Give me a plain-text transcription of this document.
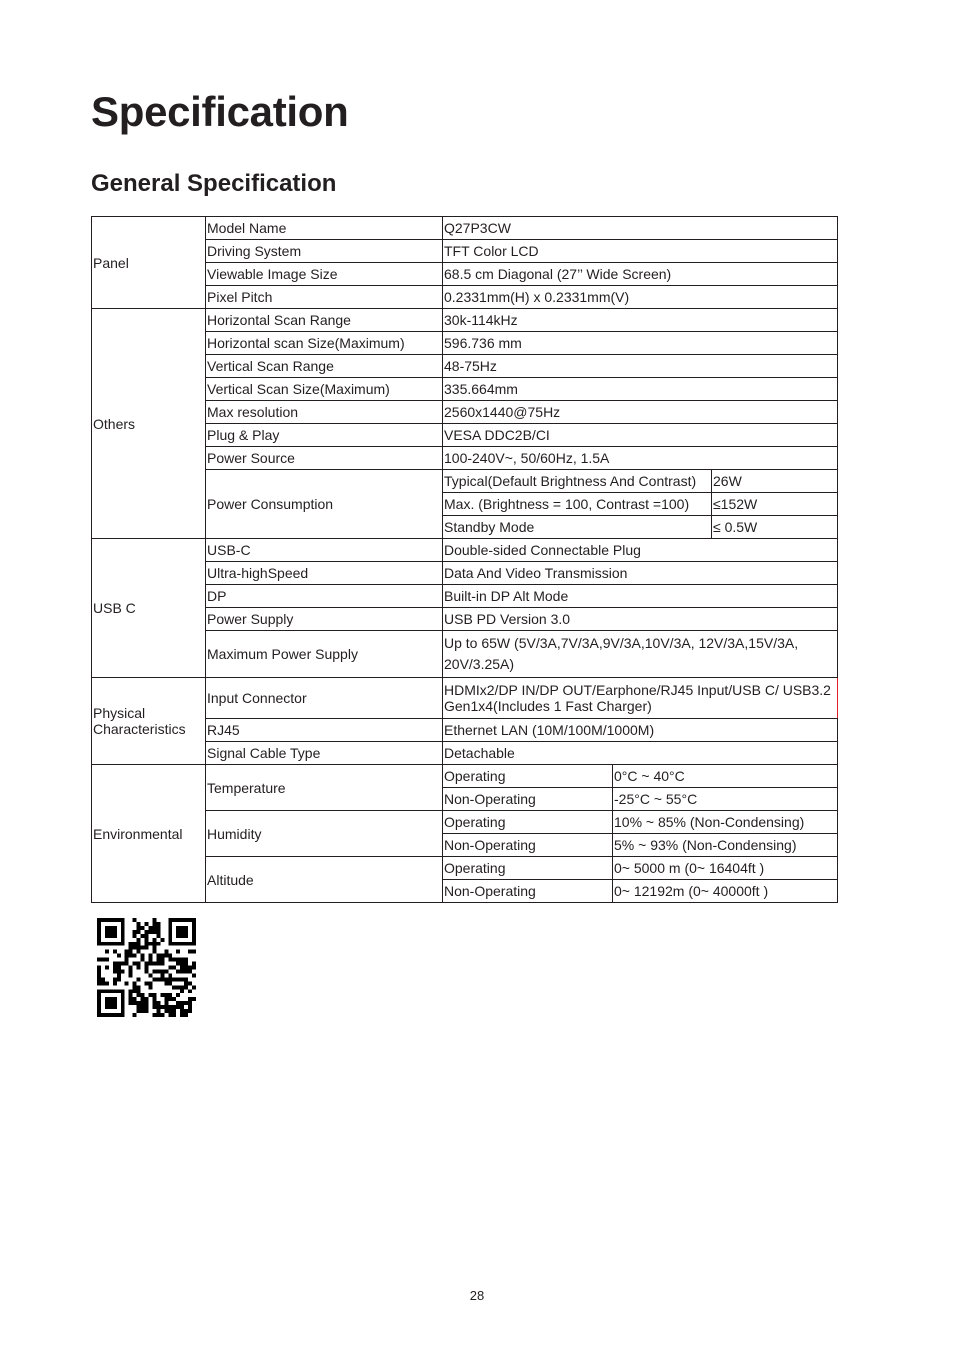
Specification
General Specification
Panel	Model Name	Q27P3CW		
	Driving System	TFT Color LCD		
	Viewable Image Size	68.5 cm Diagonal (27’’ Wide Screen)		
	Pixel Pitch	0.2331mm(H) x 0.2331mm(V)		
Others	Horizontal Scan Range	30k-114kHz		
	Horizontal scan Size(Maximum)	596.736 mm		
	Vertical Scan Range	48-75Hz		
	Vertical Scan Size(Maximum)	335.664mm		
	Max resolution	2560x1440@75Hz		
	Plug & Play	VESA DDC2B/CI		
	Power Source	100-240V~, 50/60Hz, 1.5A		
	Power Consumption	Typical(Default Brightness And Contrast)		26W
		Max. (Brightness = 100, Contrast =100)		≤152W
		Standby Mode		≤ 0.5W
USB C	USB-C	Double-sided Connectable Plug		
	Ultra-highSpeed	Data And Video Transmission		
	DP	Built-in DP Alt Mode		
	Power Supply	USB PD Version 3.0		
	Maximum Power Supply	Up to 65W (5V/3A,7V/3A,9V/3A,10V/3A, 12V/3A,15V/3A, 20V/3.25A)		
Physical Characteristics	Input Connector	HDMIx2/DP IN/DP OUT/Earphone/RJ45 Input/USB C/ USB3.2 Gen1x4(Includes 1 Fast Charger)		
	RJ45	Ethernet LAN (10M/100M/1000M)		
	Signal Cable Type	Detachable		
Environmental	Temperature	Operating	0°C ~ 40°C	
		Non-Operating	-25°C ~ 55°C	
	Humidity	Operating	10% ~ 85% (Non-Condensing)	
		Non-Operating	5% ~ 93% (Non-Condensing)	
	Altitude	Operating	0~ 5000 m (0~ 16404ft )	
		Non-Operating	0~ 12192m (0~ 40000ft )	
28
